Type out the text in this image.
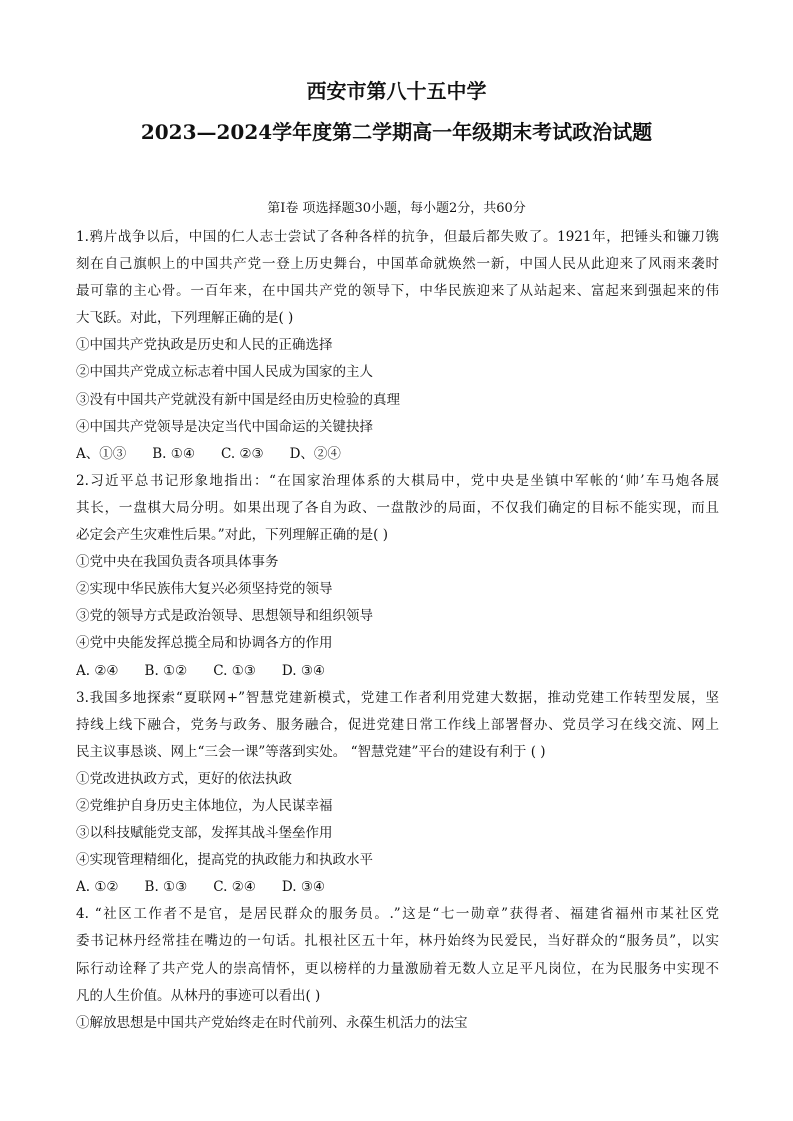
西安市第八十五中学
2023—2024学年度第二学期高一年级期末考试政治试题
第Ⅰ卷 项选择题30小题，每小题2分，共60分
1.鸦片战争以后，中国的仁人志士尝试了各种各样的抗争，但最后都失败了。1921年，把锤头和镰刀镌
刻在自己旗帜上的中国共产党一登上历史舞台，中国革命就焕然一新，中国人民从此迎来了风雨来袭时
最可靠的主心骨。一百年来，在中国共产党的领导下，中华民族迎来了从站起来、富起来到强起来的伟
大飞跃。对此，下列理解正确的是( )
①中国共产党执政是历史和人民的正确选择
②中国共产党成立标志着中国人民成为国家的主人
③没有中国共产党就没有新中国是经由历史检验的真理
④中国共产党领导是决定当代中国命运的关键抉择
A、①③ B. ①④ C. ②③ D、②④
2.习近平总书记形象地指出：“在国家治理体系的大棋局中，党中央是坐镇中军帐的‘帅’车马炮各展
其长，一盘棋大局分明。如果出现了各自为政、一盘散沙的局面，不仅我们确定的目标不能实现，而且
必定会产生灾难性后果。”对此，下列理解正确的是( )
①党中央在我国负责各项具体事务
②实现中华民族伟大复兴必须坚持党的领导
③党的领导方式是政治领导、思想领导和组织领导
④党中央能发挥总揽全局和协调各方的作用
A. ②④ B. ①② C. ①③ D. ③④
3.我国多地探索“夏联网+”智慧党建新模式，党建工作者利用党建大数据，推动党建工作转型发展，坚
持线上线下融合，党务与政务、服务融合，促进党建日常工作线上部署督办、党员学习在线交流、网上
民主议事恳谈、网上“三会一课”等落到实处。 “智慧党建”平台的建设有利于 ( )
①党改进执政方式，更好的依法执政
②党维护自身历史主体地位，为人民谋幸福
③以科技赋能党支部，发挥其战斗堡垒作用
④实现管理精细化，提高党的执政能力和执政水平
A. ①② B. ①③ C. ②④ D. ③④
4. “社区工作者不是官，是居民群众的服务员。.”这是“七一勋章”获得者、福建省福州市某社区党
委书记林丹经常挂在嘴边的一句话。扎根社区五十年，林丹始终为民爱民，当好群众的“服务员”，以实
际行动诠释了共产党人的崇高情怀，更以榜样的力量激励着无数人立足平凡岗位，在为民服务中实现不
凡的人生价值。从林丹的事迹可以看出( )
①解放思想是中国共产党始终走在时代前列、永葆生机活力的法宝
